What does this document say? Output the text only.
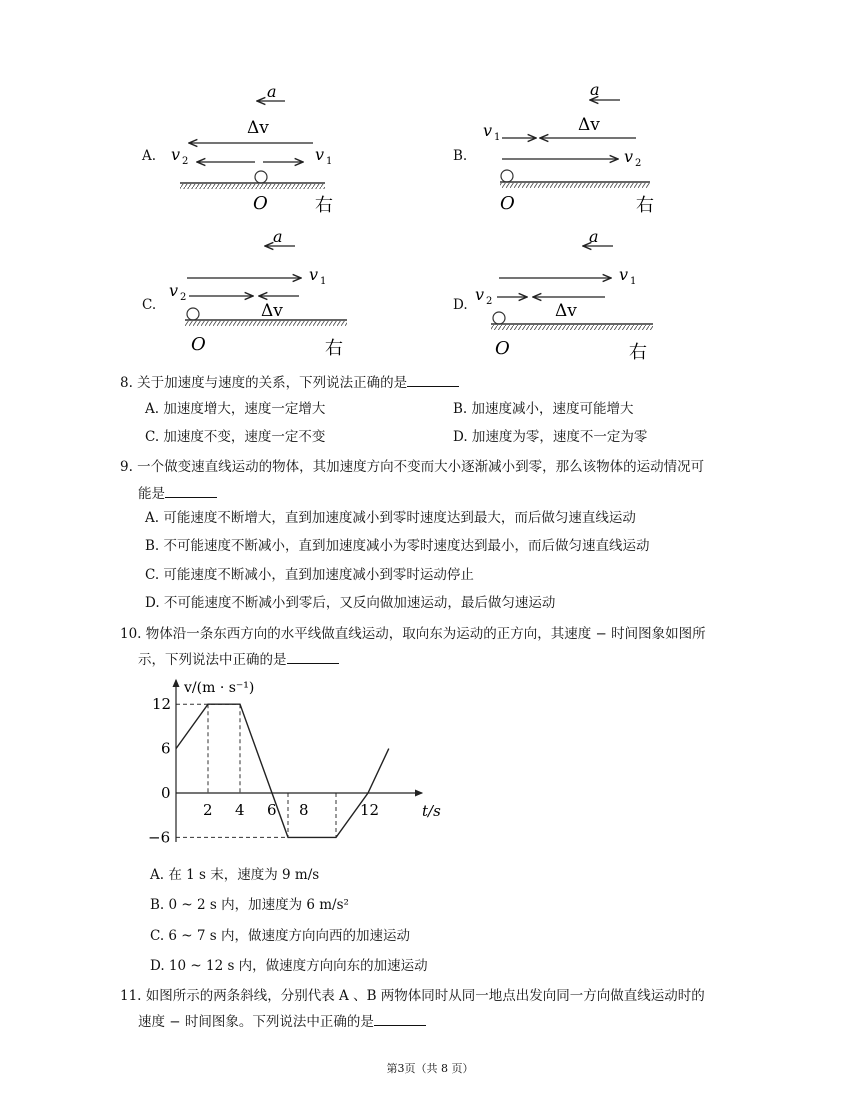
A.
a
Δv
v 2	v 1
O	右
B.
a
v 1
Δv
v 2
O	右
C.
a
v 1
v 2
Δv
O	右
D.
a
v 1
v 2	Δv
O	右
8. 关于加速度与速度的关系，下列说法正确的是
A. 加速度增大，速度一定增大	B. 加速度减小，速度可能增大
C. 加速度不变，速度一定不变	D. 加速度为零，速度不一定为零
9. 一个做变速直线运动的物体，其加速度方向不变而大小逐渐减小到零，那么该物体的运动情况可
能是
A. 可能速度不断增大，直到加速度减小到零时速度达到最大，而后做匀速直线运动
B. 不可能速度不断减小，直到加速度减小为零时速度达到最小，而后做匀速直线运动
C. 可能速度不断减小，直到加速度减小到零时运动停止
D. 不可能速度不断减小到零后，又反向做加速运动，最后做匀速运动
10. 物体沿一条东西方向的水平线做直线运动，取向东为运动的正方向，其速度 − 时间图象如图所
示，下列说法中正确的是
v/(m · s⁻¹)
t/s
2 4 6 8	12
12
6
0
−6
A. 在 1 s 末，速度为 9 m/s
B. 0 ~ 2 s 内，加速度为 6 m/s²
C. 6 ~ 7 s 内，做速度方向向西的加速运动
D. 10 ~ 12 s 内，做速度方向向东的加速运动
11. 如图所示的两条斜线，分别代表 A 、B 两物体同时从同一地点出发向同一方向做直线运动时的
速度 − 时间图象。下列说法中正确的是
第3页（共 8 页）
